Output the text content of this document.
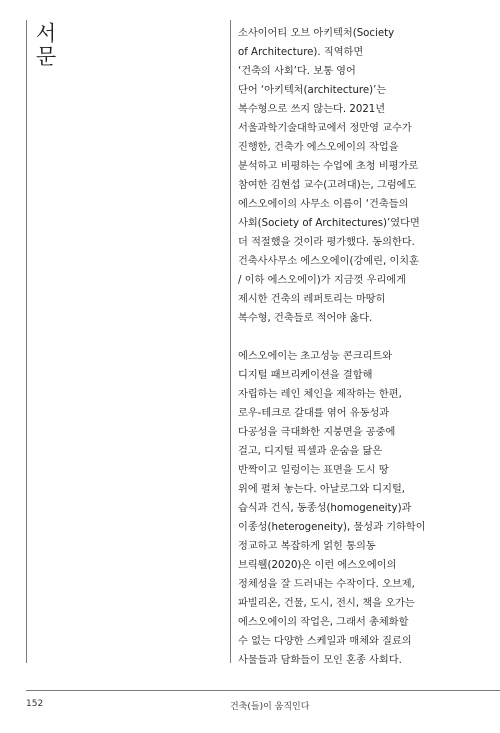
서문	소사이어티 오브 아키텍처(Society
of Architecture). 직역하면
‘건축의 사회’다. 보통 영어
단어 ‘아키텍처(architecture)’는
복수형으로 쓰지 않는다. 2021년
서울과학기술대학교에서 정만영 교수가
진행한, 건축가 에스오에이의 작업을
분석하고 비평하는 수업에 초청 비평가로
참여한 김현섭 교수(고려대)는, 그럼에도
에스오에이의 사무소 이름이 ‘건축들의
사회(Society of Architectures)’였다면
더 적절했을 것이라 평가했다. 동의한다.
건축사사무소 에스오에이(강예린, 이치훈
/ 이하 에스오에이)가 지금껏 우리에게
제시한 건축의 레퍼토리는 마땅히
복수형, 건축들로 적어야 옳다.
에스오에이는 초고성능 콘크리트와
디지털 패브리케이션을 결합해
자립하는 레인 체인을 제작하는 한편,
로우-테크로 갈대를 엮어 유동성과
다공성을 극대화한 지붕면을 공중에
걸고, 디지털 픽셀과 운숨을 닮은
반짝이고 일렁이는 표면을 도시 땅
위에 펼쳐 놓는다. 아날로그와 디지털,
습식과 건식, 동종성(homogeneity)과
이종성(heterogeneity), 물성과 기하학이
정교하고 복잡하게 얽힌 통의동
브릭웰(2020)은 이런 에스오에이의
정체성을 잘 드러내는 수작이다. 오브제,
파빌리온, 건물, 도시, 전시, 책을 오가는
에스오에이의 작업은, 그래서 총체화할
수 없는 다양한 스케일과 매체와 질료의
사물들과 담화들이 모인 혼종 사회다.
152	건축(들)이 움직인다
